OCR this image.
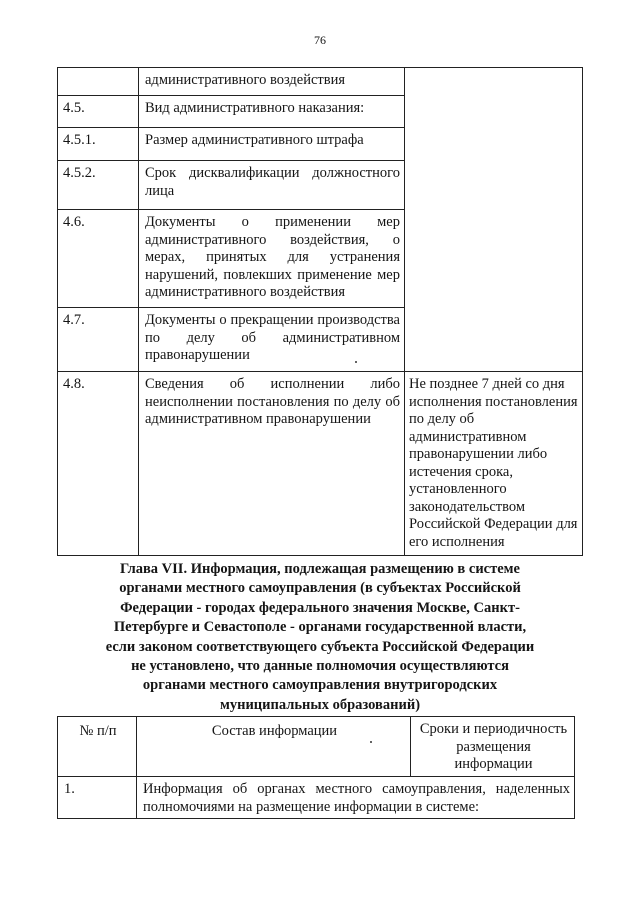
76
	административного воздействия	
4.5.	Вид административного наказания:	
4.5.1.	Размер административного штрафа	
4.5.2.	Срок дисквалификации должностного лица	
4.6.	Документы о применении мер административного воздействия, о мерах, принятых для устранения нарушений, повлекших применение мер административного воздействия	
4.7.	Документы о прекращении производства по делу об административном правонарушении	
4.8.	Сведения об исполнении либо неисполнении постановления по делу об административном правонарушении	Не позднее 7 дней со дня исполнения постановления по делу об административном правонарушении либо истечения срока, установленного законодательством Российской Федерации для его исполнения
Глава VII. Информация, подлежащая размещению в системе органами местного самоуправления (в субъектах Российской Федерации - городах федерального значения Москве, Санкт-Петербурге и Севастополе - органами государственной власти, если законом соответствующего субъекта Российской Федерации не установлено, что данные полномочия осуществляются органами местного самоуправления внутригородских муниципальных образований)
№ п/п	Состав информации	Сроки и периодичность размещения информации
1.	Информация об органах местного самоуправления, наделенных полномочиями на размещение информации в системе:	
